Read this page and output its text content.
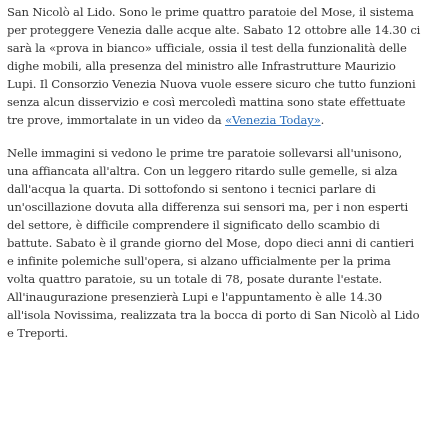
San Nicolò al Lido. Sono le prime quattro paratoie del Mose, il sistema per proteggere Venezia dalle acque alte. Sabato 12 ottobre alle 14.30 ci sarà la «prova in bianco» ufficiale, ossia il test della funzionalità delle dighe mobili, alla presenza del ministro alle Infrastrutture Maurizio Lupi. Il Consorzio Venezia Nuova vuole essere sicuro che tutto funzioni senza alcun disservizio e così mercoledì mattina sono state effettuate tre prove, immortalate in un video da «Venezia Today».

Nelle immagini si vedono le prime tre paratoie sollevarsi all'unisono, una affiancata all'altra. Con un leggero ritardo sulle gemelle, si alza dall'acqua la quarta. Di sottofondo si sentono i tecnici parlare di un'oscillazione dovuta alla differenza sui sensori ma, per i non esperti del settore, è difficile comprendere il significato dello scambio di battute. Sabato è il grande giorno del Mose, dopo dieci anni di cantieri e infinite polemiche sull'opera, si alzano ufficialmente per la prima volta quattro paratoie, su un totale di 78, posate durante l'estate. All'inaugurazione presenzierà Lupi e l'appuntamento è alle 14.30 all'isola Novissima, realizzata tra la bocca di porto di San Nicolò al Lido e Treporti.
